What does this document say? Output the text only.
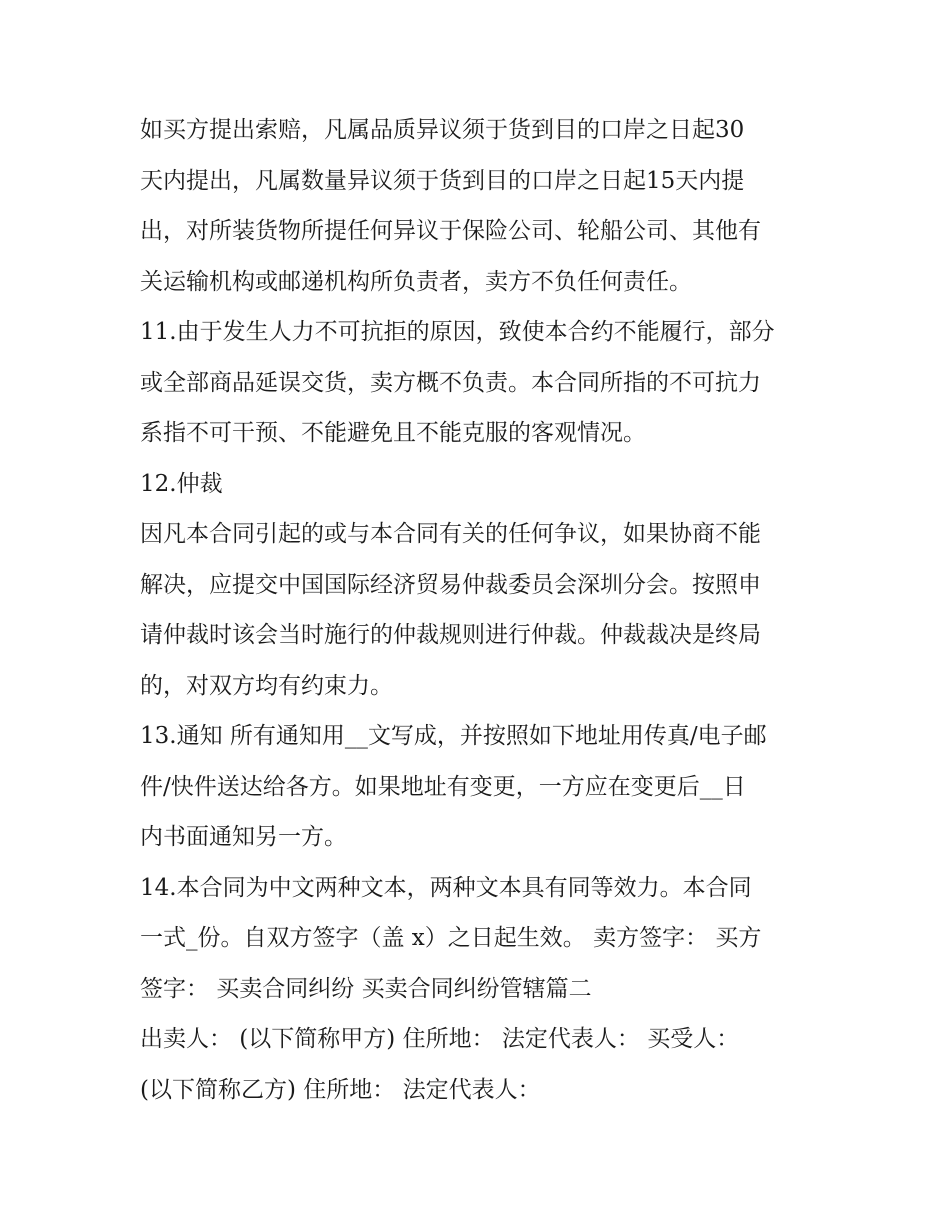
如买方提出索赔，凡属品质异议须于货到目的口岸之日起30
天内提出，凡属数量异议须于货到目的口岸之日起15天内提
出，对所装货物所提任何异议于保险公司、轮船公司、其他有
关运输机构或邮递机构所负责者，卖方不负任何责任。
11.由于发生人力不可抗拒的原因，致使本合约不能履行，部分
或全部商品延误交货，卖方概不负责。本合同所指的不可抗力
系指不可干预、不能避免且不能克服的客观情况。
12.仲裁
因凡本合同引起的或与本合同有关的任何争议，如果协商不能
解决，应提交中国国际经济贸易仲裁委员会深圳分会。按照申
请仲裁时该会当时施行的仲裁规则进行仲裁。仲裁裁决是终局
的，对双方均有约束力。
13.通知 所有通知用__文写成，并按照如下地址用传真/电子邮
件/快件送达给各方。如果地址有变更，一方应在变更后__日
内书面通知另一方。
14.本合同为中文两种文本，两种文本具有同等效力。本合同
一式_份。自双方签字（盖 x）之日起生效。 卖方签字： 买方
签字： 买卖合同纠纷 买卖合同纠纷管辖篇二
出卖人： (以下简称甲方) 住所地： 法定代表人： 买受人：
(以下简称乙方) 住所地： 法定代表人：
